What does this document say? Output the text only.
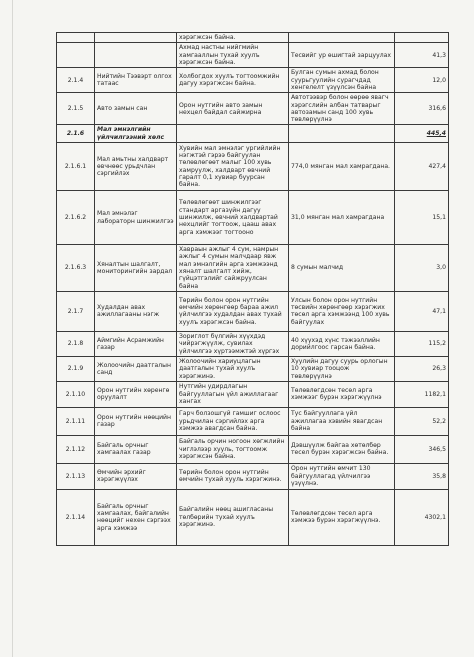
		хэрэгжсэн байна.		
		Ахмад настны нийгмийн хамгааллын тухай хуулъ хэрэгжсэн байна.	Тесвийг ур өшигтай зарцуулах	41,3
2.1.4	Нийтийн Тээвэрт олгох татаас	Холбогдох хуулъ тогтоомжийн дагуу хэрэгжсэн байна.	Булган сумын ахмад болон суурьгуулийн сурагчдад хенгелелт үзүүлсэн байна	12,0
2.1.5	Авто замын сан	Орон нутгийн авто замын нехцел байдал сайжирна	Автотээвэр болон өөрөө явагч хэрэгслийн албан татварыг автозамын санд 100 хувь төвлөрүүлнэ	316,6
2.1.6	Мал эмнэлгийн үйлчилгээний хөлс			445,4
2.1.6.1	Мал амьтны халдварт өвчнөөс урьдчлан сэргийлэх	Хувийн мал эмнэлэг ургийлийн нэгжтэй гэрээ байгуулан төлөвлөгөөт малыг 100 хувь хамруулж, халдварт өвчний гаралт 0,1 хувиар буурсан байна.	774,0 мянган мал хамрагдана.	427,4
2.1.6.2	Мал эмнэлэг лабораторн шинжилгээ	Төлөвлөгөөт шинжилгээг стандарт аргазүйн дагуу шинжилж, өвчний халдвартай нехцлийг тогтоож, цааш авах арга хэмжээг тогтооно	31,0 мянган мал хамрагдана	15,1
2.1.6.3	Хяналтын шалгалт, мониторингийн зардал	Хавраын ажлыг 4 сум, намрын ажлыг 4 сумын малчдаар явж мал эмнэлгийн арга хэмжээнд хяналт шалгалт хийж, гүйцэтгэлийг сайжруулсан байна	8 сумын малчид	3,0
2.1.7	Худалдан авах ажиллагааны нэгж	Төрийн болон орон нутгийн өмчийн хөрөнгөөр бараа ажил үйлчилгээ худалдан авах тухай хуулъ хэрэгжсэн байна.	Улсын болон орон нутгийн төсвийн хөрөнгөөр хэрэгжих төсөл арга хэмжээнд 100 хувь байгуулах	47,1
2.1.8	Аймгийн Асрамжийн газар	Зориглот бүлгийн хүүхдэд чийрэгжүүлж, сувилах үйлчилгээ хүртээмжтэй хүргэх	40 хүүхэд хүнс тэжээллийн дорийлгоос гарсан байна.	115,2
2.1.9	Жолоочийн даатгалын санд	Жолоочийн хариуцлагын даатгалын тухай хуулъ хэрэгжинэ.	Хуулийн дагуу суурь орлогын 10 хувиар тооцож төвлөрүүлнэ	26,3
2.1.10	Орон нутгийн хөренгө оруулалт	Нутгийн удирдлагын байгууллагын үйл ажиллагааг хангах	Төлөвлөгдсөн тесөл арга хэмжээг бурэн хэрэгжүүлнэ	1182,1
2.1.11	Орон нутгийн нөөцийн газар	Гарч болзошгүй гамшиг ослоос урьдчилан сэргийлэх арга хэмжээ авагдсан байна.	Тус байгууллага үйл ажиллагаа хэвийн явагдсан байна	52,2
2.1.12	Байгаль орчныг хамгаалах газар	Байгаль орчин ногоон хөгжлийн чиглэлээр хууль, тогтоомж хэрэгжсэн байна.	Дэвшүүлж байгаа хөтөлбөр тесел бурэн хэрэгжсэн байна.	346,5
2.1.13	Өмчийн эрхийг хэрэгжүүлэх	Төрийн болон орон нутгийн өмчийн тухай хууль хэрэгжинэ.	Орон нутгийн өмчит 130 байгууллагад үйлчилгээ үзүүлнэ.	35,8
2.1.14	Байгаль орчныг хамгаалах, байгалийн нөөцийг нехен сэргээх арга хэмжээ	Байгалийн нөөц ашигласаны төлбөрийн тухай хуулъ хэрэгжинэ.	Төлөвлөгдсөн тесел арга хэмжээ бурэн хэрэгжүүлнэ.	4302,1
